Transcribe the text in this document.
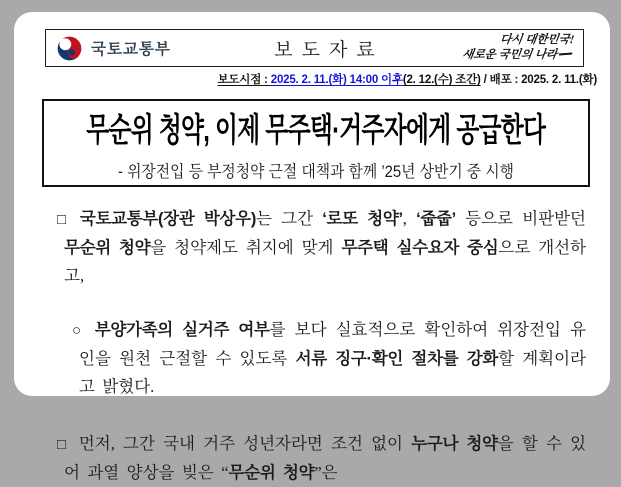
국토교통부	보도자료	다시 대한민국!
새로운 국민의 나라
보도시점 : 2025. 2. 11.(화) 14:00 이후(2. 12.(수) 조간) / 배포 : 2025. 2. 11.(화)
무순위 청약, 이제 무주택·거주자에게 공급한다
- 위장전입 등 부정청약 근절 대책과 함께 ’25년 상반기 중 시행
□ 국토교통부(장관 박상우)는 그간 ‘로또 청약’, ‘줍줍’ 등으로 비판받던 무순위 청약을 청약제도 취지에 맞게 무주택 실수요자 중심으로 개선하고,
○ 부양가족의 실거주 여부를 보다 실효적으로 확인하여 위장전입 유인을 원천 근절할 수 있도록 서류 징구·확인 절차를 강화할 계획이라고 밝혔다.
□ 먼저, 그간 국내 거주 성년자라면 조건 없이 누구나 청약을 할 수 있어 과열 양상을 빚은 “무순위 청약”은
